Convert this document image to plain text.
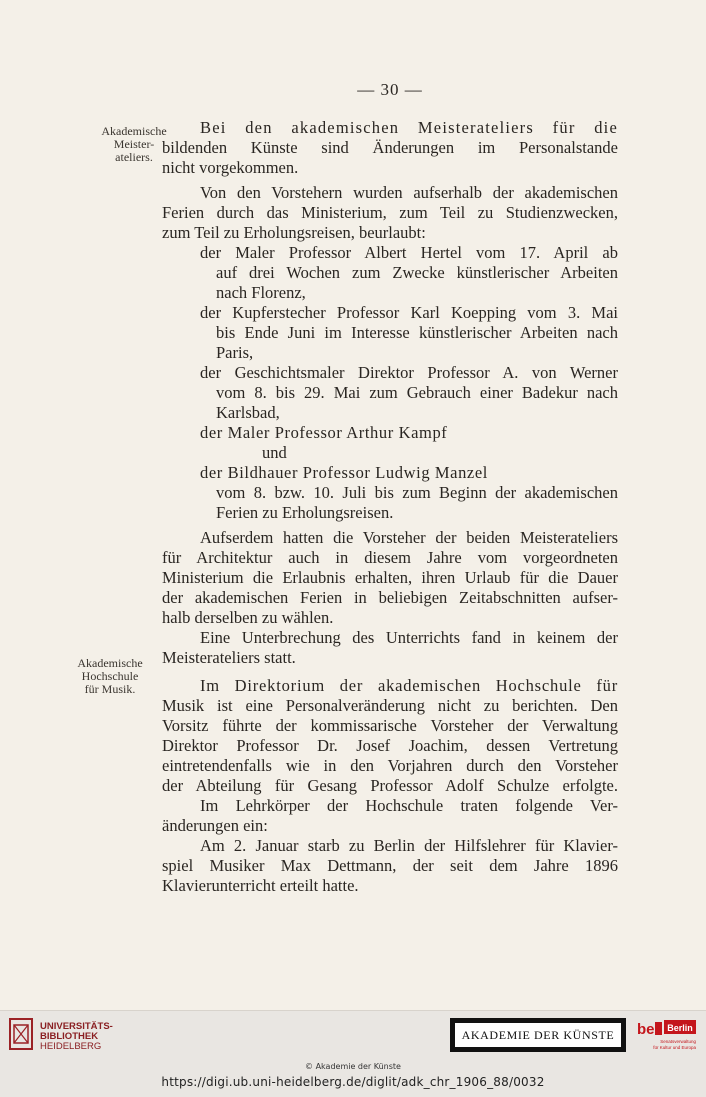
— 30 —
Akademische
Meister-
ateliers.
Akademische
Hochschule
für Musik.
Bei den akademischen Meisterateliers für die
bildenden Künste sind Änderungen im Personalstande
nicht vorgekommen.
Von den Vorstehern wurden aufserhalb der akademischen
Ferien durch das Ministerium, zum Teil zu Studienzwecken,
zum Teil zu Erholungsreisen, beurlaubt:
der Maler Professor Albert Hertel vom 17. April ab
auf drei Wochen zum Zwecke künstlerischer Arbeiten
nach Florenz,
der Kupferstecher Professor Karl Koepping vom 3. Mai
bis Ende Juni im Interesse künstlerischer Arbeiten nach
Paris,
der Geschichtsmaler Direktor Professor A. von Werner
vom 8. bis 29. Mai zum Gebrauch einer Badekur nach
Karlsbad,
der Maler Professor Arthur Kampf
und
der Bildhauer Professor Ludwig Manzel
vom 8. bzw. 10. Juli bis zum Beginn der akademischen
Ferien zu Erholungsreisen.
Aufserdem hatten die Vorsteher der beiden Meisterateliers
für Architektur auch in diesem Jahre vom vorgeordneten
Ministerium die Erlaubnis erhalten, ihren Urlaub für die Dauer
der akademischen Ferien in beliebigen Zeitabschnitten aufser-
halb derselben zu wählen.
Eine Unterbrechung des Unterrichts fand in keinem der
Meisterateliers statt.
Im Direktorium der akademischen Hochschule für
Musik ist eine Personalveränderung nicht zu berichten. Den
Vorsitz führte der kommissarische Vorsteher der Verwaltung
Direktor Professor Dr. Josef Joachim, dessen Vertretung
eintretendenfalls wie in den Vorjahren durch den Vorsteher
der Abteilung für Gesang Professor Adolf Schulze erfolgte.
Im Lehrkörper der Hochschule traten folgende Ver-
änderungen ein:
Am 2. Januar starb zu Berlin der Hilfslehrer für Klavier-
spiel Musiker Max Dettmann, der seit dem Jahre 1896
Klavierunterricht erteilt hatte.
UNIVERSITÄTS-
BIBLIOTHEK
HEIDELBERG
AKADEMIE DER KÜNSTE	be Berlin
Senatsverwaltung
für Kultur und Europa
© Akademie der Künste
https://digi.ub.uni-heidelberg.de/diglit/adk_chr_1906_88/0032
